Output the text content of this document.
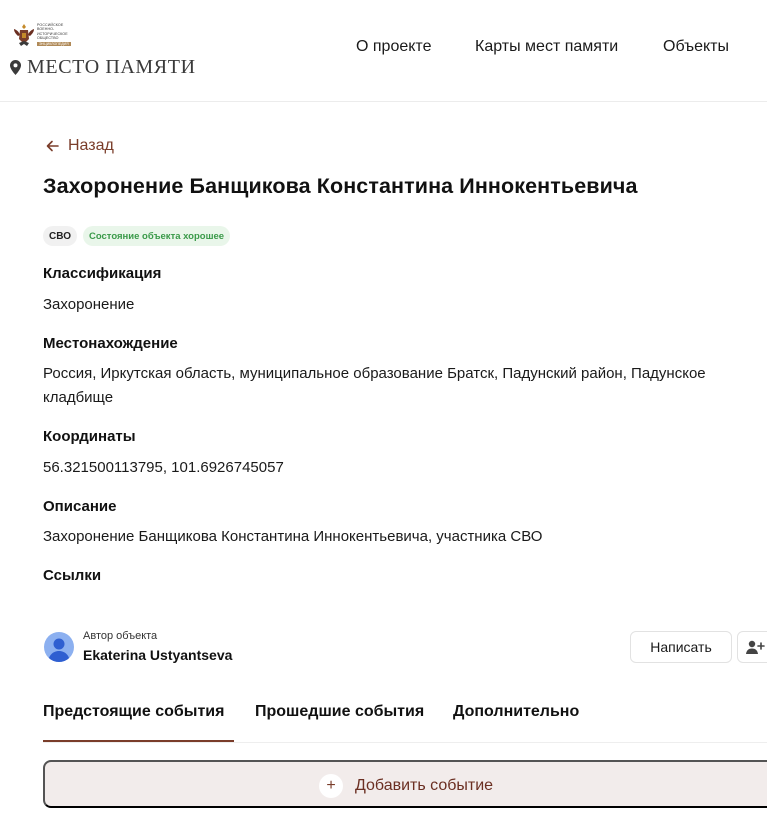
РОССИЙСКОЕ
ВОЕННО-ИСТОРИЧЕСКОЕ
ОБЩЕСТВО
ЭНЦИКЛОПЕДИЯ
МЕСТО ПАМЯТИ
О проекте	Карты мест памяти	Объекты
Назад
Захоронение Банщикова Константина Иннокентьевича
СВО	Состояние объекта хорошее
Классификация
Захоронение
Местонахождение
Россия, Иркутская область, муниципальное образование Братск, Падунский район, Падунское кладбище
Координаты
56.321500113795, 101.6926745057
Описание
Захоронение Банщикова Константина Иннокентьевича, участника СВО
Ссылки
Автор объекта
Ekaterina Ustyantseva	Написать
Предстоящие события Прошедшие события Дополнительно
+	Добавить событие
